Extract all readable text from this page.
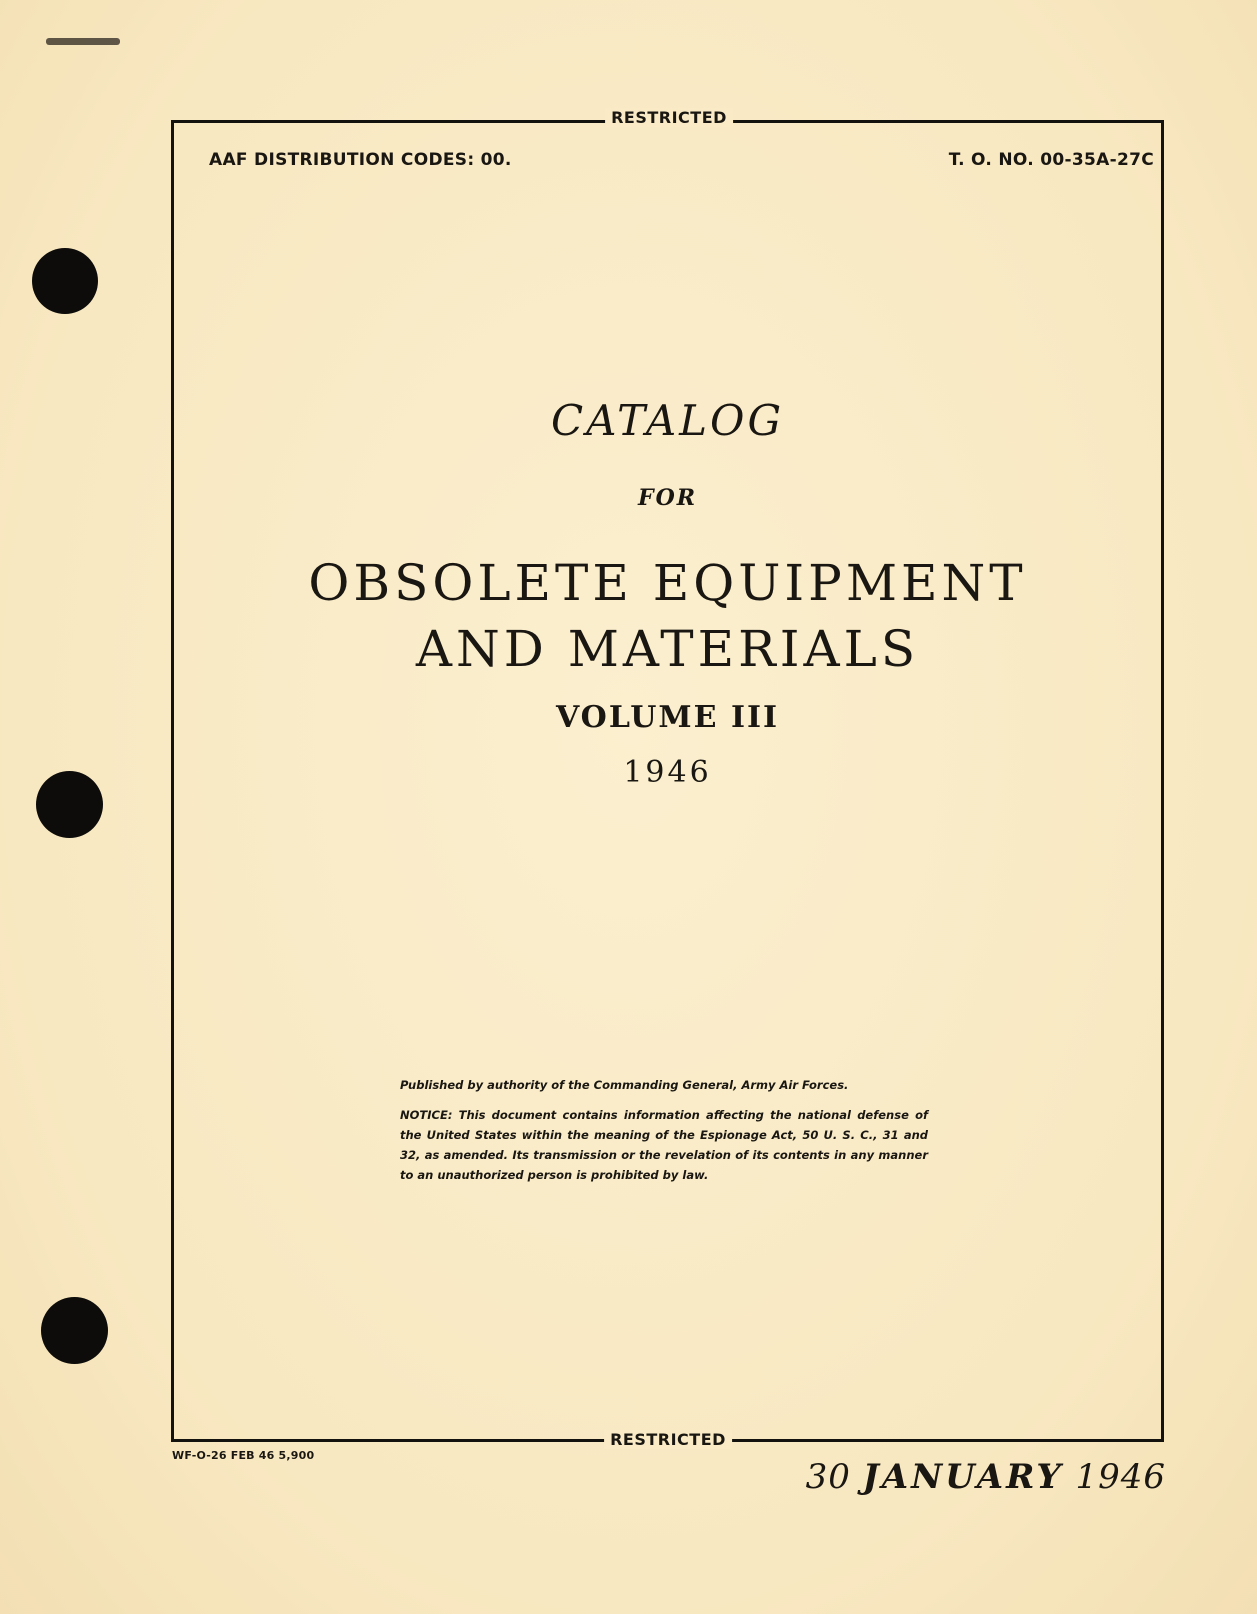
RESTRICTED
RESTRICTED
AAF DISTRIBUTION CODES: 00.	T. O. NO. 00-35A-27C
CATALOG
FOR
OBSOLETE EQUIPMENT
AND MATERIALS
VOLUME III
1946

Published by authority of the Commanding General, Army Air Forces.

NOTICE: This document contains information affecting the national defense of the United States within the meaning of the Espionage Act, 50 U. S. C., 31 and 32, as amended. Its transmission or the revelation of its contents in any manner to an unauthorized person is prohibited by law.

WF-O-26 FEB 46 5,900
30 JANUARY 1946
